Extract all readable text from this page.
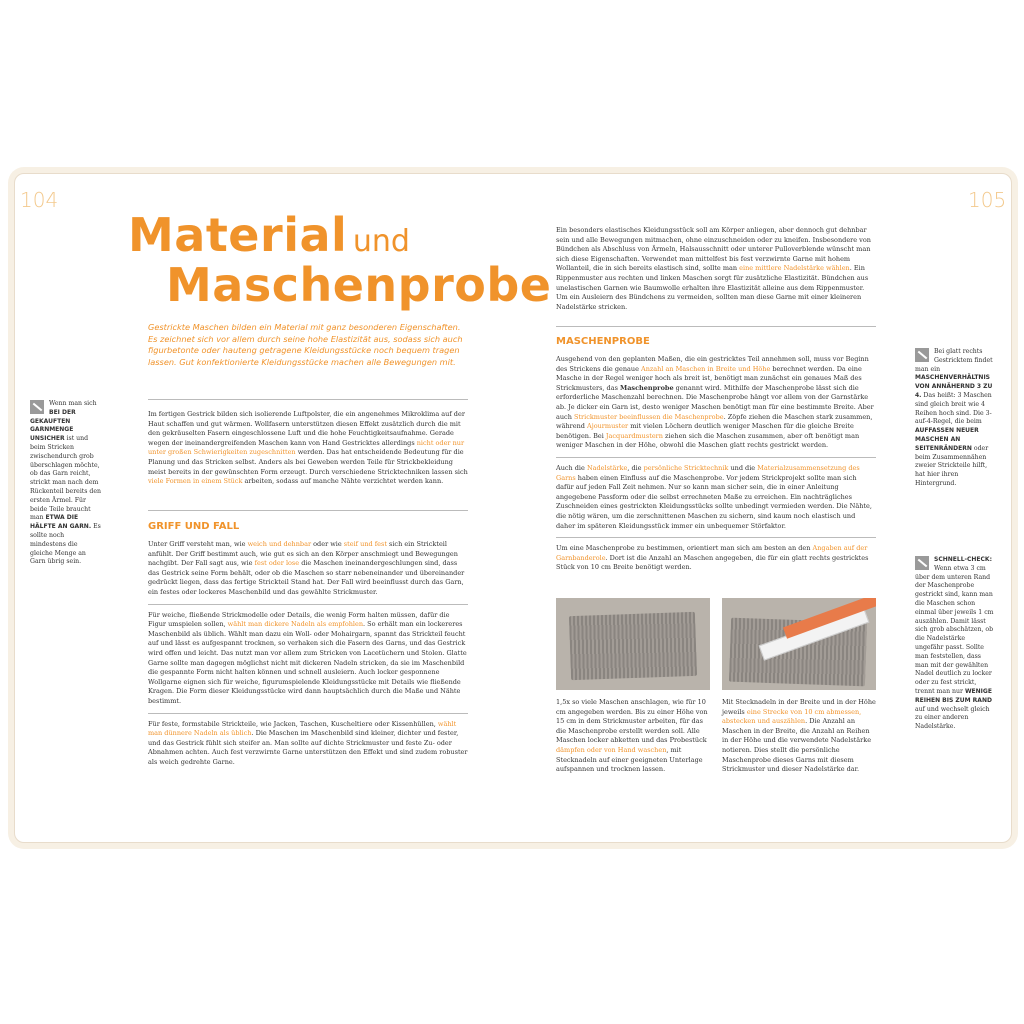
104	105
Material und
Maschenprobe
Gestrickte Maschen bilden ein Material mit ganz besonderen Eigenschaften. Es zeichnet sich vor allem durch seine hohe Elastizität aus, sodass sich auch figurbetonte oder hauteng getragene Kleidungsstücke noch bequem tragen lassen. Gut konfektionierte Kleidungsstücke machen alle Bewegungen mit.
Wenn man sich BEI DER GEKAUFTEN GARNMENGE UNSICHER ist und beim Stricken zwischendurch grob überschlagen möchte, ob das Garn reicht, strickt man nach dem Rückenteil bereits den ersten Ärmel. Für beide Teile braucht man ETWA DIE HÄLFTE AN GARN. Es sollte noch mindestens die gleiche Menge an Garn übrig sein.

Im fertigen Gestrick bilden sich isolierende Luftpolster, die ein angenehmes Mikroklima auf der Haut schaffen und gut wärmen. Wollfasern unterstützen diesen Effekt zusätzlich durch die mit den gekräuselten Fasern eingeschlossene Luft und die hohe Feuchtigkeitsaufnahme. Gerade wegen der ineinandergreifenden Maschen kann von Hand Gestricktes allerdings nicht oder nur unter großen Schwierigkeiten zugeschnitten werden. Das hat entscheidende Bedeutung für die Planung und das Stricken selbst. Anders als bei Geweben werden Teile für Strickbekleidung meist bereits in der gewünschten Form erzeugt. Durch verschiedene Stricktechniken lassen sich viele Formen in einem Stück arbeiten, sodass auf manche Nähte verzichtet werden kann.

GRIFF UND FALL

Unter Griff versteht man, wie weich und dehnbar oder wie steif und fest sich ein Strickteil anfühlt. Der Griff bestimmt auch, wie gut es sich an den Körper anschmiegt und Bewegungen nachgibt. Der Fall sagt aus, wie fest oder lose die Maschen ineinandergeschlungen sind, dass das Gestrick seine Form behält, oder ob die Maschen so starr nebeneinander und übereinander gedrückt liegen, dass das fertige Strickteil Stand hat. Der Fall wird beeinflusst durch das Garn, ein festes oder lockeres Maschenbild und das gewählte Strickmuster.

Für weiche, fließende Strickmodelle oder Details, die wenig Form halten müssen, dafür die Figur umspielen sollen, wählt man dickere Nadeln als empfohlen. So erhält man ein lockereres Maschenbild als üblich. Wählt man dazu ein Woll- oder Mohairgarn, spannt das Strickteil feucht auf und lässt es aufgespannt trocknen, so verhaken sich die Fasern des Garns, und das Gestrick wird offen und leicht. Das nutzt man vor allem zum Stricken von Lacetüchern und Stolen. Glatte Garne sollte man dagegen möglichst nicht mit dickeren Nadeln stricken, da sie im Maschenbild die gespannte Form nicht halten können und schnell ausleiern. Auch locker gesponnene Wollgarne eignen sich für weiche, figurumspielende Kleidungsstücke mit Details wie fließende Kragen. Die Form dieser Kleidungsstücke wird dann hauptsächlich durch die Maße und Nähte bestimmt.

Für feste, formstabile Strickteile, wie Jacken, Taschen, Kuscheltiere oder Kissenhüllen, wählt man dünnere Nadeln als üblich. Die Maschen im Maschenbild sind kleiner, dichter und fester, und das Gestrick fühlt sich steifer an. Man sollte auf dichte Strickmuster und feste Zu- oder Abnahmen achten. Auch fest verzwirnte Garne unterstützen den Effekt und sind zudem robuster als weich gedrehte Garne.

Ein besonders elastisches Kleidungsstück soll am Körper anliegen, aber dennoch gut dehnbar sein und alle Bewegungen mitmachen, ohne einzuschneiden oder zu kneifen. Insbesondere von Bündchen als Abschluss von Ärmeln, Halsausschnitt oder unterer Pulloverblende wünscht man sich diese Eigenschaften. Verwendet man mittelfest bis fest verzwirnte Garne mit hohem Wollanteil, die in sich bereits elastisch sind, sollte man eine mittlere Nadelstärke wählen. Ein Rippenmuster aus rechten und linken Maschen sorgt für zusätzliche Elastizität. Bündchen aus unelastischen Garnen wie Baumwolle erhalten ihre Elastizität alleine aus dem Rippenmuster. Um ein Ausleiern des Bündchens zu vermeiden, sollten man diese Garne mit einer kleineren Nadelstärke stricken.

MASCHENPROBE

Ausgehend von den geplanten Maßen, die ein gestricktes Teil annehmen soll, muss vor Beginn des Strickens die genaue Anzahl an Maschen in Breite und Höhe berechnet werden. Da eine Masche in der Regel weniger hoch als breit ist, benötigt man zunächst ein genaues Maß des Strickmusters, das Maschenprobe genannt wird. Mithilfe der Maschenprobe lässt sich die erforderliche Maschenzahl berechnen. Die Maschenprobe hängt vor allem von der Garnstärke ab. Je dicker ein Garn ist, desto weniger Maschen benötigt man für eine bestimmte Breite. Aber auch Strickmuster beeinflussen die Maschenprobe. Zöpfe ziehen die Maschen stark zusammen, während Ajourmuster mit vielen Löchern deutlich weniger Maschen für die gleiche Breite benötigen. Bei Jacquardmustern ziehen sich die Maschen zusammen, aber oft benötigt man weniger Maschen in der Höhe, obwohl die Maschen glatt rechts gestrickt werden.

Auch die Nadelstärke, die persönliche Stricktechnik und die Materialzusammensetzung des Garns haben einen Einfluss auf die Maschenprobe. Vor jedem Strickprojekt sollte man sich dafür auf jeden Fall Zeit nehmen. Nur so kann man sicher sein, die in einer Anleitung angegebene Passform oder die selbst errechneten Maße zu erreichen. Ein nachträgliches Zuschneiden eines gestrickten Kleidungsstücks sollte unbedingt vermieden werden. Die Nähte, die nötig wären, um die zerschnittenen Maschen zu sichern, sind kaum noch elastisch und daher im späteren Kleidungsstück immer ein unbequemer Störfaktor.

Um eine Maschenprobe zu bestimmen, orientiert man sich am besten an den Angaben auf der Garnbanderole. Dort ist die Anzahl an Maschen angegeben, die für ein glatt rechts gestricktes Stück von 10 cm Breite benötigt werden.

1,5x so viele Maschen anschlagen, wie für 10 cm angegeben werden. Bis zu einer Höhe von 15 cm in dem Strickmuster arbeiten, für das die Maschenprobe erstellt werden soll. Alle Maschen locker abketten und das Probestück dämpfen oder von Hand waschen, mit Stecknadeln auf einer geeigneten Unterlage aufspannen und trocknen lassen.
Mit Stecknadeln in der Breite und in der Höhe jeweils eine Strecke von 10 cm abmessen, abstecken und auszählen. Die Anzahl an Maschen in der Breite, die Anzahl an Reihen in der Höhe und die verwendete Nadelstärke notieren. Dies stellt die persönliche Maschenprobe dieses Garns mit diesem Strickmuster und dieser Nadelstärke dar.
Bei glatt rechts Gestricktem findet man ein MASCHENVERHÄLTNIS VON ANNÄHERND 3 ZU 4. Das heißt: 3 Maschen sind gleich breit wie 4 Reihen hoch sind. Die 3-auf-4-Regel, die beim AUFFASSEN NEUER MASCHEN AN SEITENRÄNDERN oder beim Zusammennähen zweier Strickteile hilft, hat hier ihren Hintergrund.
SCHNELL-CHECK: Wenn etwa 3 cm über dem unteren Rand der Maschenprobe gestrickt sind, kann man die Maschen schon einmal über jeweils 1 cm auszählen. Damit lässt sich grob abschätzen, ob die Nadelstärke ungefähr passt. Sollte man feststellen, dass man mit der gewählten Nadel deutlich zu locker oder zu fest strickt, trennt man nur WENIGE REIHEN BIS ZUM RAND auf und wechselt gleich zu einer anderen Nadelstärke.
